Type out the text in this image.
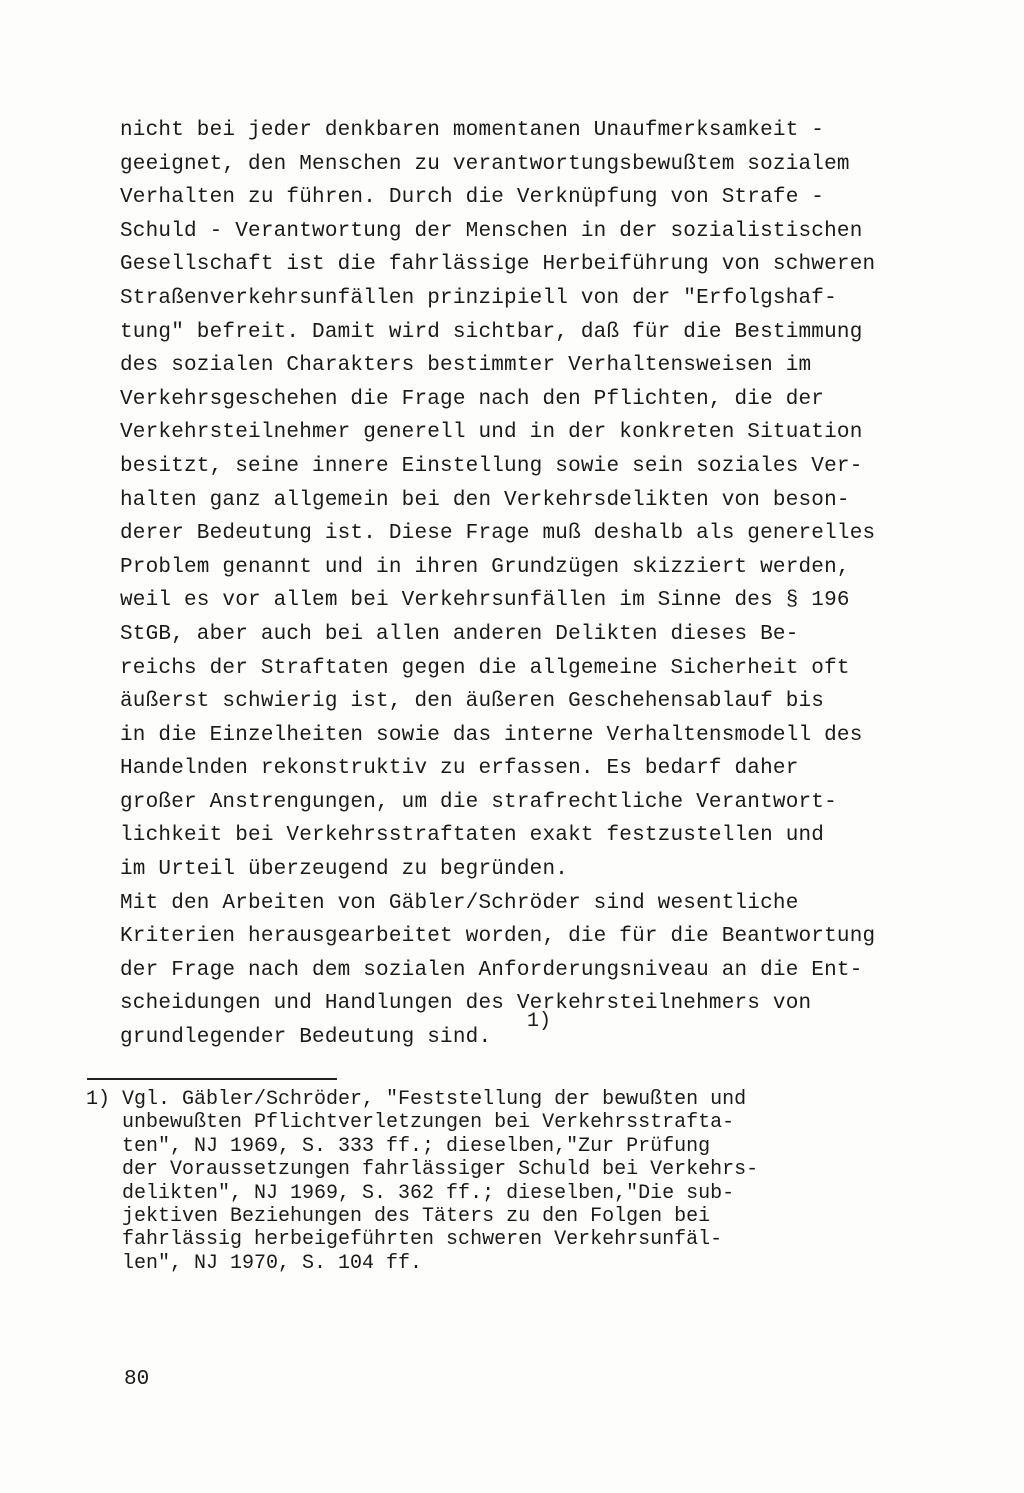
nicht bei jeder denkbaren momentanen Unaufmerksamkeit -
geeignet, den Menschen zu verantwortungsbewußtem sozialem
Verhalten zu führen. Durch die Verknüpfung von Strafe -
Schuld - Verantwortung der Menschen in der sozialistischen
Gesellschaft ist die fahrlässige Herbeiführung von schweren
Straßenverkehrsunfällen prinzipiell von der "Erfolgshaf-
tung" befreit. Damit wird sichtbar, daß für die Bestimmung
des sozialen Charakters bestimmter Verhaltensweisen im
Verkehrsgeschehen die Frage nach den Pflichten, die der
Verkehrsteilnehmer generell und in der konkreten Situation
besitzt, seine innere Einstellung sowie sein soziales Ver-
halten ganz allgemein bei den Verkehrsdelikten von beson-
derer Bedeutung ist. Diese Frage muß deshalb als generelles
Problem genannt und in ihren Grundzügen skizziert werden,
weil es vor allem bei Verkehrsunfällen im Sinne des § 196
StGB, aber auch bei allen anderen Delikten dieses Be-
reichs der Straftaten gegen die allgemeine Sicherheit oft
äußerst schwierig ist, den äußeren Geschehensablauf bis
in die Einzelheiten sowie das interne Verhaltensmodell des
Handelnden rekonstruktiv zu erfassen. Es bedarf daher
großer Anstrengungen, um die strafrechtliche Verantwort-
lichkeit bei Verkehrsstraftaten exakt festzustellen und
im Urteil überzeugend zu begründen.
Mit den Arbeiten von Gäbler/Schröder sind wesentliche
Kriterien herausgearbeitet worden, die für die Beantwortung
der Frage nach dem sozialen Anforderungsniveau an die Ent-
scheidungen und Handlungen des Verkehrsteilnehmers von
grundlegender Bedeutung sind.
1)
1) Vgl. Gäbler/Schröder, "Feststellung der bewußten und
unbewußten Pflichtverletzungen bei Verkehrsstrafta-
ten", NJ 1969, S. 333 ff.; dieselben,"Zur Prüfung
der Voraussetzungen fahrlässiger Schuld bei Verkehrs-
delikten", NJ 1969, S. 362 ff.; dieselben,"Die sub-
jektiven Beziehungen des Täters zu den Folgen bei
fahrlässig herbeigeführten schweren Verkehrsunfäl-
len", NJ 1970, S. 104 ff.
80
